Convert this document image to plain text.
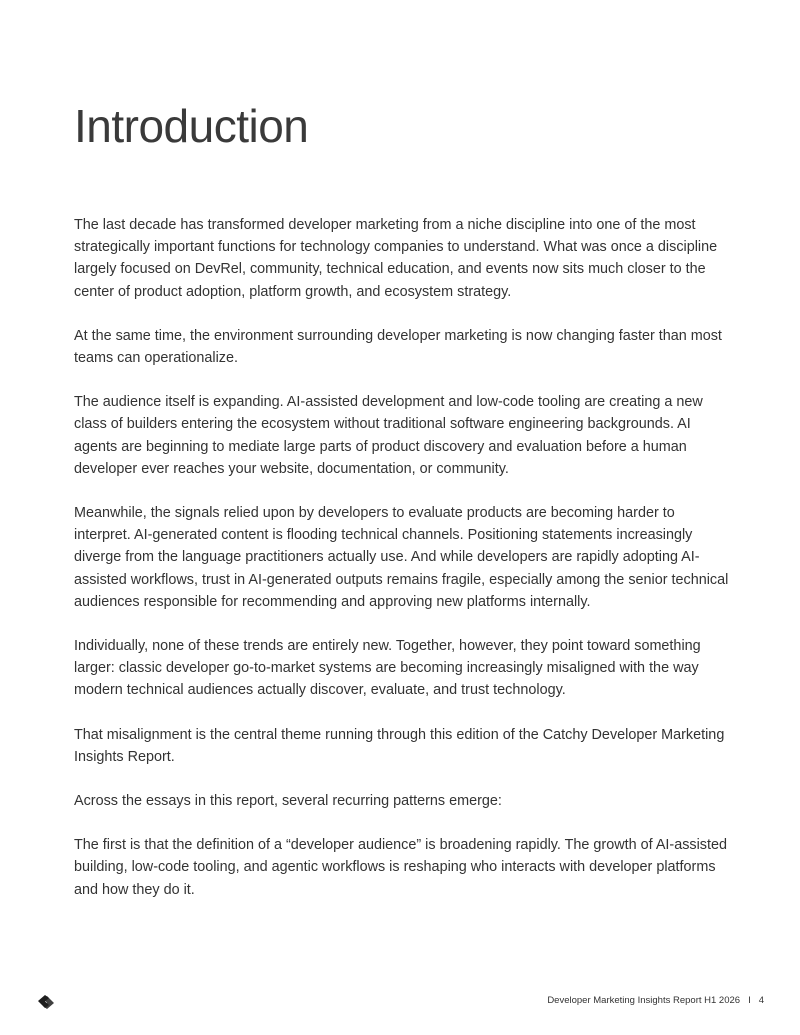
Introduction

The last decade has transformed developer marketing from a niche discipline into one of the most strategically important functions for technology companies to understand. What was once a discipline largely focused on DevRel, community, technical education, and events now sits much closer to the center of product adoption, platform growth, and ecosystem strategy.

At the same time, the environment surrounding developer marketing is now changing faster than most teams can operationalize.

The audience itself is expanding. AI-assisted development and low-code tooling are creating a new class of builders entering the ecosystem without traditional software engineering backgrounds. AI agents are beginning to mediate large parts of product discovery and evaluation before a human developer ever reaches your website, documentation, or community.

Meanwhile, the signals relied upon by developers to evaluate products are becoming harder to interpret. AI-generated content is flooding technical channels. Positioning statements increasingly diverge from the language practitioners actually use. And while developers are rapidly adopting AI-assisted workflows, trust in AI-generated outputs remains fragile, especially among the senior technical audiences responsible for recommending and approving new platforms internally.

Individually, none of these trends are entirely new. Together, however, they point toward something larger: classic developer go-to-market systems are becoming increasingly misaligned with the way modern technical audiences actually discover, evaluate, and trust technology.

That misalignment is the central theme running through this edition of the Catchy Developer Marketing Insights Report.

Across the essays in this report, several recurring patterns emerge:

The first is that the definition of a “developer audience” is broadening rapidly. The growth of AI-assisted building, low-code tooling, and agentic workflows is reshaping who interacts with developer platforms and how they do it.

Developer Marketing Insights Report H1 2026 I 4
